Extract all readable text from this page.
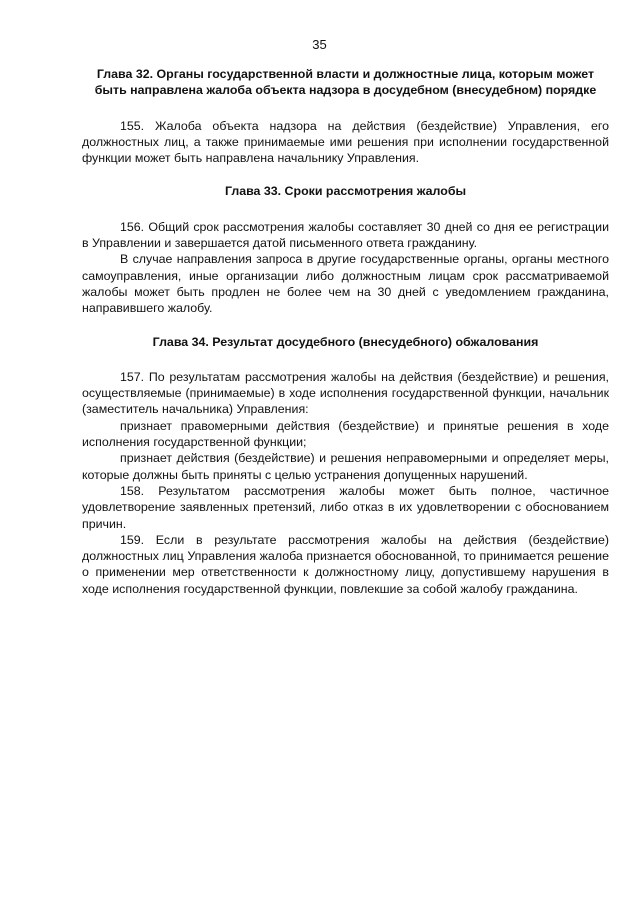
35

Глава 32. Органы государственной власти и должностные лица, которым может

быть направлена жалоба объекта надзора в досудебном (внесудебном) порядке

155. Жалоба объекта надзора на действия (бездействие) Управления, его должностных лиц, а также принимаемые ими решения при исполнении государственной функции может быть направлена начальнику Управления.

Глава 33. Сроки рассмотрения жалобы

156. Общий срок рассмотрения жалобы составляет 30 дней со дня ее регистрации в Управлении и завершается датой письменного ответа гражданину.

В случае направления запроса в другие государственные органы, органы местного самоуправления, иные организации либо должностным лицам срок рассматриваемой жалобы может быть продлен не более чем на 30 дней с уведомлением гражданина, направившего жалобу.

Глава 34. Результат досудебного (внесудебного) обжалования

157. По результатам рассмотрения жалобы на действия (бездействие) и решения, осуществляемые (принимаемые) в ходе исполнения государственной функции, начальник (заместитель начальника) Управления:

признает правомерными действия (бездействие) и принятые решения в ходе исполнения государственной функции;

признает действия (бездействие) и решения неправомерными и определяет меры, которые должны быть приняты с целью устранения допущенных нарушений.

158. Результатом рассмотрения жалобы может быть полное, частичное удовлетворение заявленных претензий, либо отказ в их удовлетворении с обоснованием причин.

159. Если в результате рассмотрения жалобы на действия (бездействие) должностных лиц Управления жалоба признается обоснованной, то принимается решение о применении мер ответственности к должностному лицу, допустившему нарушения в ходе исполнения государственной функции, повлекшие за собой жалобу гражданина.
